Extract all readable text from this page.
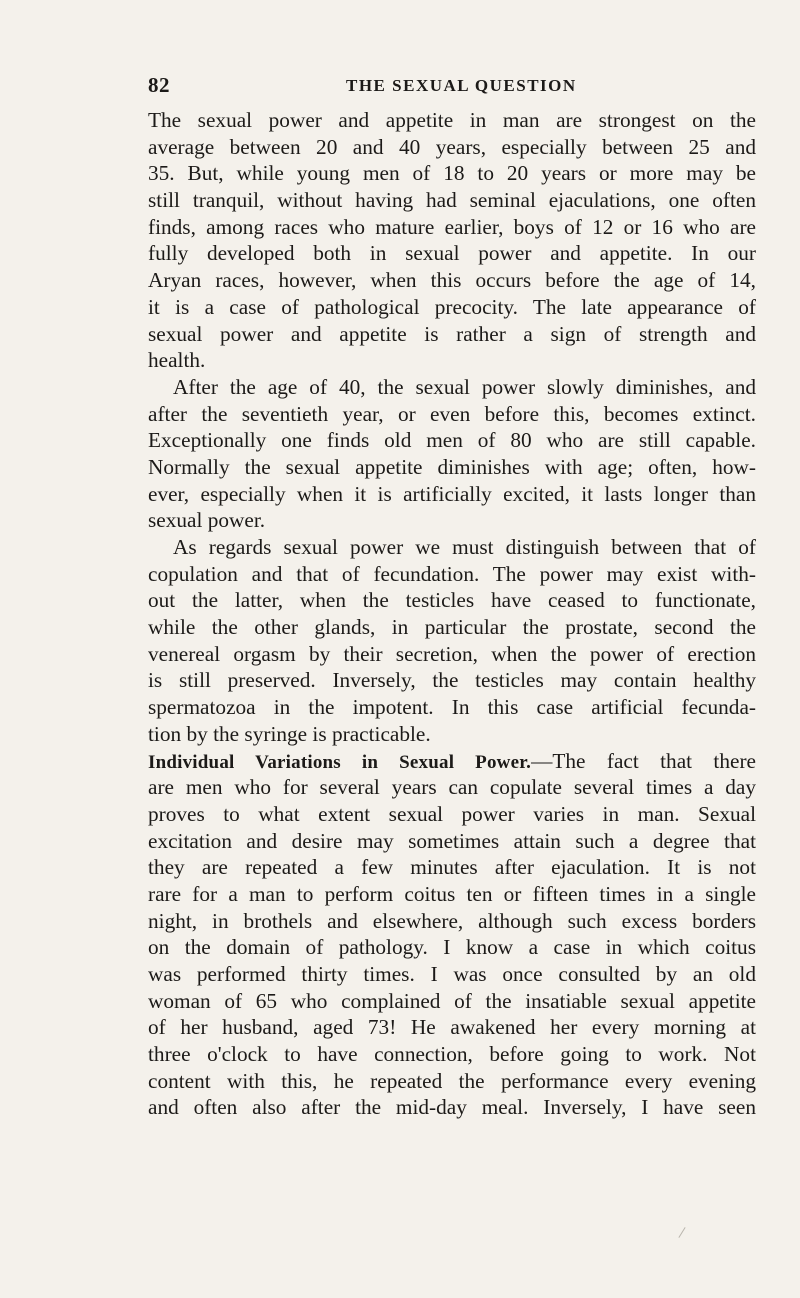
82	THE SEXUAL QUESTION
The sexual power and appetite in man are strongest on the
average between 20 and 40 years, especially between 25 and
35. But, while young men of 18 to 20 years or more may be
still tranquil, without having had seminal ejaculations, one often
finds, among races who mature earlier, boys of 12 or 16 who are
fully developed both in sexual power and appetite. In our
Aryan races, however, when this occurs before the age of 14,
it is a case of pathological precocity. The late appearance of
sexual power and appetite is rather a sign of strength and
health.
After the age of 40, the sexual power slowly diminishes, and
after the seventieth year, or even before this, becomes extinct.
Exceptionally one finds old men of 80 who are still capable.
Normally the sexual appetite diminishes with age; often, how-
ever, especially when it is artificially excited, it lasts longer than
sexual power.
As regards sexual power we must distinguish between that of
copulation and that of fecundation. The power may exist with-
out the latter, when the testicles have ceased to functionate,
while the other glands, in particular the prostate, second the
venereal orgasm by their secretion, when the power of erection
is still preserved. Inversely, the testicles may contain healthy
spermatozoa in the impotent. In this case artificial fecunda-
tion by the syringe is practicable.
Individual Variations in Sexual Power.—The fact that there
are men who for several years can copulate several times a day
proves to what extent sexual power varies in man. Sexual
excitation and desire may sometimes attain such a degree that
they are repeated a few minutes after ejaculation. It is not
rare for a man to perform coitus ten or fifteen times in a single
night, in brothels and elsewhere, although such excess borders
on the domain of pathology. I know a case in which coitus
was performed thirty times. I was once consulted by an old
woman of 65 who complained of the insatiable sexual appetite
of her husband, aged 73! He awakened her every morning at
three o'clock to have connection, before going to work. Not
content with this, he repeated the performance every evening
and often also after the mid-day meal. Inversely, I have seen
